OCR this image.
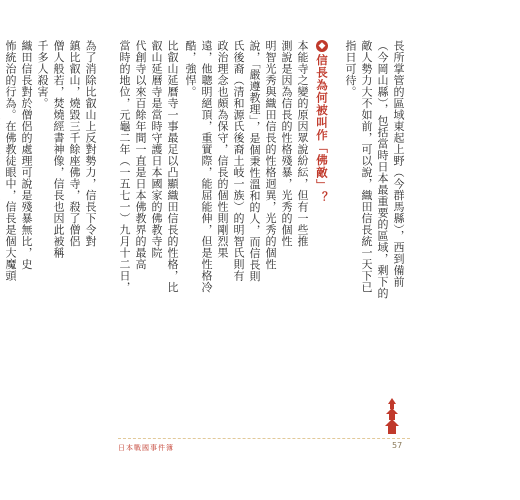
長所掌管的區域東起上野（今群馬縣），西到備前
（今岡山縣），包括當時日本最重要的區域，剩下的
敵人勢力大不如前，可以說，織田信長統一天下已
指日可待。
◆
信長為何被叫作「佛敵」？
本能寺之變的原因眾說紛紜，但有一些推
測說是因為信長的性格殘暴，光秀的個性
明智光秀與織田信長的性格迥異，光秀的個性
說，「嚴遵教理」，是個秉性溫和的人，而信長則
氏後裔（清和源氏後裔土岐一族）的明智氏則有
政治理念也頗為保守，信長的個性則剛烈果
遠，他聰明絕頂，重實際，能屈能伸，但是性格冷
酷，強悍。
比叡山延曆寺一事最足以凸顯織田信長的性格，比
叡山延曆寺是當時守護日本國家的佛教寺院
代創寺以來百餘年間一直是日本佛教界的最高
當時的地位，元龜二年（一五七一）九月十二日，
為了消除比叡山上反對勢力，信長下令對
鎮比叡山，燒毀三千餘座佛寺，殺了僧侶
僧人般若，焚燒經書神像，信長也因此被稱
千多人殺害。
織田信長對於僧侶的處理可說是殘暴無比，史
怖統治的行為。在佛教徒眼中，信長是個大魔頭
日本戰國事件簿	57
